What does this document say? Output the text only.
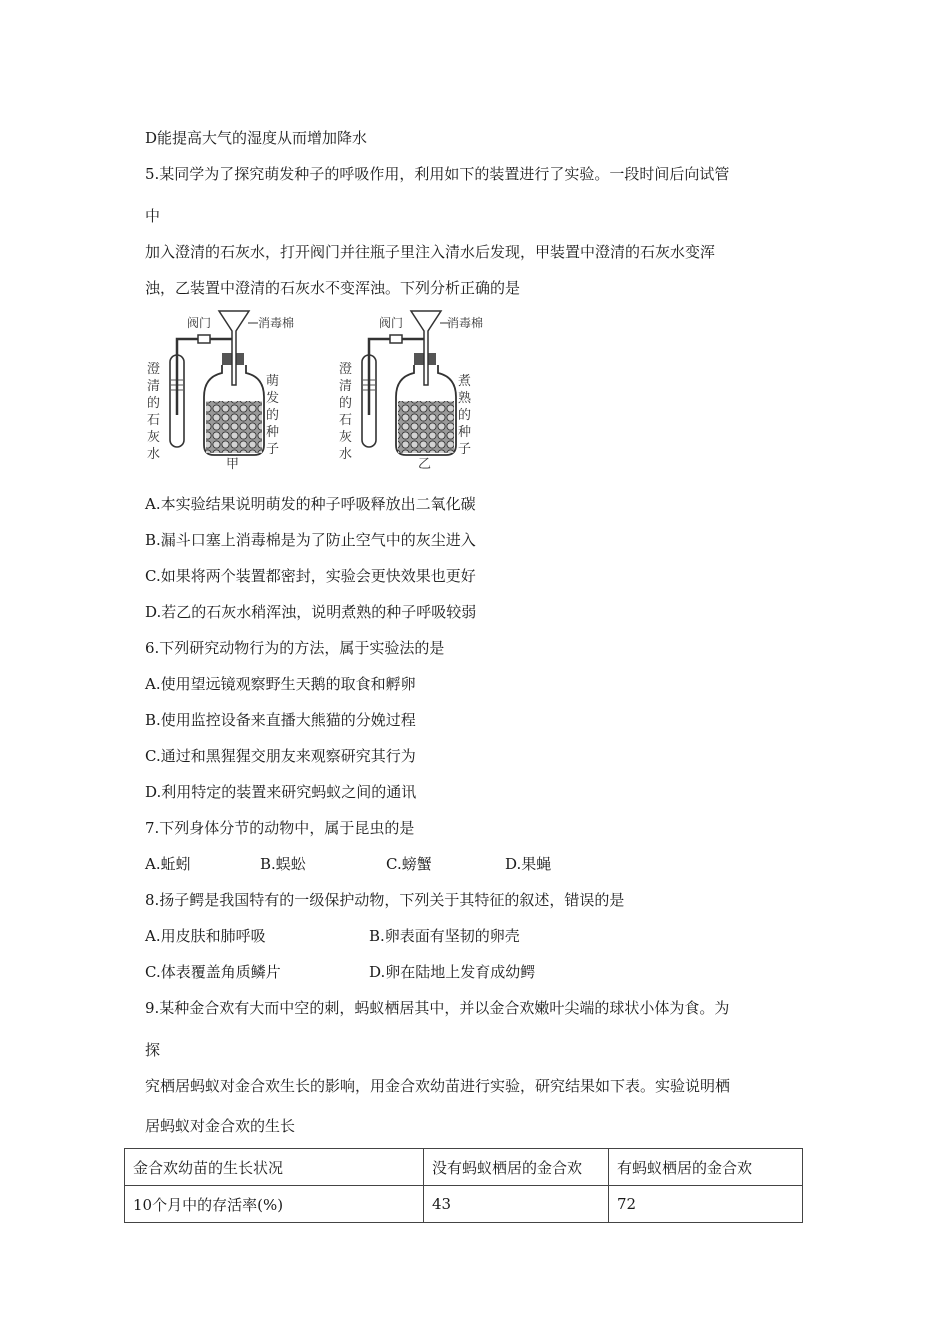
D能提高大气的湿度从而增加降水
5.某同学为了探究萌发种子的呼吸作用，利用如下的装置进行了实验。一段时间后向试管
中
加入澄清的石灰水，打开阀门并往瓶子里注入清水后发现，甲装置中澄清的石灰水变浑
浊，乙装置中澄清的石灰水不变浑浊。下列分析正确的是
阀门	消毒棉
澄
清
的
石
灰
水
萌
发
的
种
子
甲
阀门	消毒棉
澄
清
的
石
灰
水
煮
熟
的
种
子
乙
A.本实验结果说明萌发的种子呼吸释放出二氧化碳
B.漏斗口塞上消毒棉是为了防止空气中的灰尘进入
C.如果将两个装置都密封，实验会更快效果也更好
D.若乙的石灰水稍浑浊，说明煮熟的种子呼吸较弱
6.下列研究动物行为的方法，属于实验法的是
A.使用望远镜观察野生天鹅的取食和孵卵
B.使用监控设备来直播大熊猫的分娩过程
C.通过和黑猩猩交朋友来观察研究其行为
D.利用特定的装置来研究蚂蚁之间的通讯
7.下列身体分节的动物中，属于昆虫的是
A.蚯蚓	B.蜈蚣	C.螃蟹	D.果蝇
8.扬子鳄是我国特有的一级保护动物，下列关于其特征的叙述，错误的是
A.用皮肤和肺呼吸	B.卵表面有坚韧的卵壳
C.体表覆盖角质鳞片	D.卵在陆地上发育成幼鳄
9.某种金合欢有大而中空的刺，蚂蚁栖居其中，并以金合欢嫩叶尖端的球状小体为食。为
探
究栖居蚂蚁对金合欢生长的影响，用金合欢幼苗进行实验，研究结果如下表。实验说明栖
居蚂蚁对金合欢的生长
金合欢幼苗的生长状况	没有蚂蚁栖居的金合欢	有蚂蚁栖居的金合欢
10个月中的存活率(%)	43	72
